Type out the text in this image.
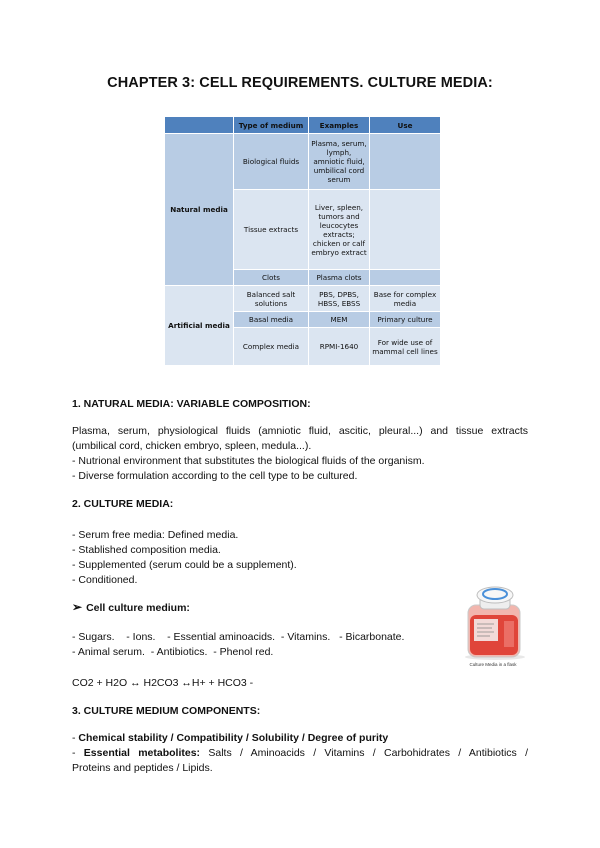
CHAPTER 3: CELL REQUIREMENTS. CULTURE MEDIA:
	Type of medium	Examples	Use
Natural media	Biological fluids	Plasma, serum, lymph, amniotic fluid, umbilical cord serum	
	Tissue extracts	Liver, spleen, tumors and leucocytes extracts; chicken or calf embryo extract	
	Clots	Plasma clots	
Artificial media	Balanced salt solutions	PBS, DPBS, HBSS, EBSS	Base for complex media
	Basal media	MEM	Primary culture
	Complex media	RPMI-1640	For wide use of mammal cell lines
1. NATURAL MEDIA: VARIABLE COMPOSITION:
Plasma, serum, physiological fluids (amniotic fluid, ascitic, pleural...) and tissue extracts
(umbilical cord, chicken embryo, spleen, medula...).
- Nutrional environment that substitutes the biological fluids of the organism.
- Diverse formulation according to the cell type to be cultured.
2. CULTURE MEDIA:
- Serum free media: Defined media.
- Stablished composition media.
- Supplemented (serum could be a supplement).
- Conditioned.
➢ Cell culture medium:
- Sugars.    - Ions.    - Essential aminoacids.  - Vitamins.   - Bicarbonate.
- Animal serum.  - Antibiotics.  - Phenol red.
CO2 + H2O ↔ H2CO3 ↔H+ + HCO3 -
Culture Media in a flask
3. CULTURE MEDIUM COMPONENTS:
- Chemical stability / Compatibility / Solubility / Degree of purity
- Essential metabolites: Salts / Aminoacids / Vitamins / Carbohidrates / Antibiotics /
Proteins and peptides / Lipids.
